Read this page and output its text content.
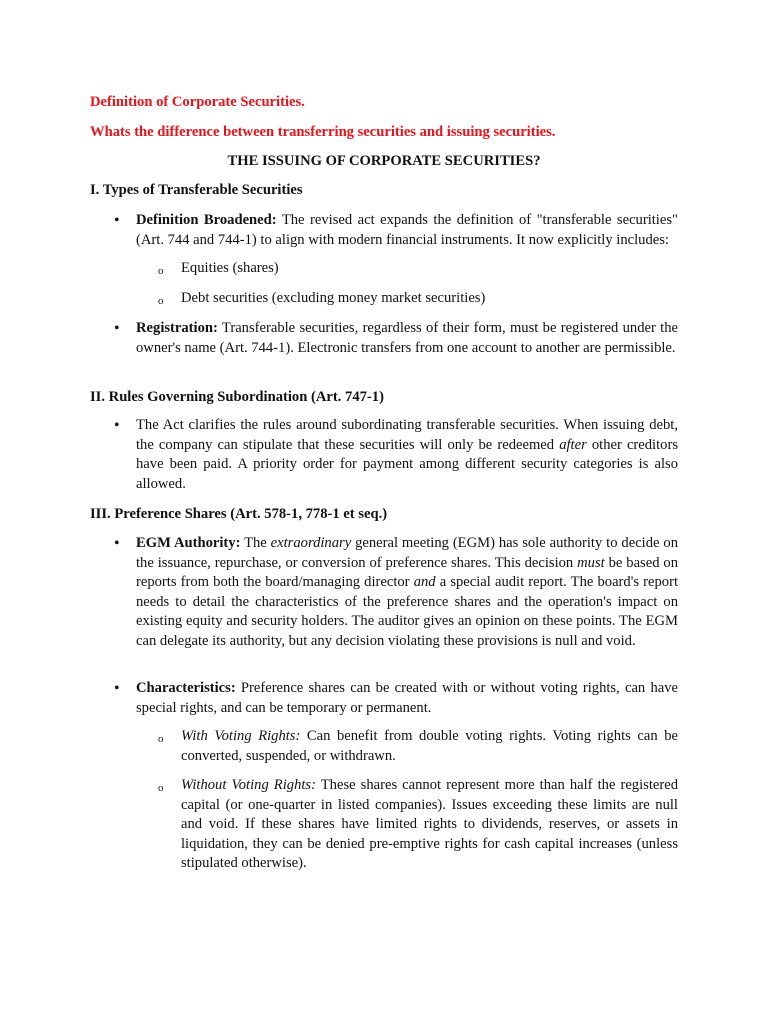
Definition of Corporate Securities.

Whats the difference between transferring securities and issuing securities.

THE ISSUING OF CORPORATE SECURITIES?

I. Types of Transferable Securities

• Definition Broadened: The revised act expands the definition of "transferable securities" (Art. 744 and 744-1) to align with modern financial instruments. It now explicitly includes:

o Equities (shares)

o Debt securities (excluding money market securities)

• Registration: Transferable securities, regardless of their form, must be registered under the owner's name (Art. 744-1). Electronic transfers from one account to another are permissible.

II. Rules Governing Subordination (Art. 747-1)

• The Act clarifies the rules around subordinating transferable securities. When issuing debt, the company can stipulate that these securities will only be redeemed after other creditors have been paid. A priority order for payment among different security categories is also allowed.

III. Preference Shares (Art. 578-1, 778-1 et seq.)

• EGM Authority: The extraordinary general meeting (EGM) has sole authority to decide on the issuance, repurchase, or conversion of preference shares. This decision must be based on reports from both the board/managing director and a special audit report. The board's report needs to detail the characteristics of the preference shares and the operation's impact on existing equity and security holders. The auditor gives an opinion on these points. The EGM can delegate its authority, but any decision violating these provisions is null and void.

• Characteristics: Preference shares can be created with or without voting rights, can have special rights, and can be temporary or permanent.

o With Voting Rights: Can benefit from double voting rights. Voting rights can be converted, suspended, or withdrawn.

o Without Voting Rights: These shares cannot represent more than half the registered capital (or one-quarter in listed companies). Issues exceeding these limits are null and void. If these shares have limited rights to dividends, reserves, or assets in liquidation, they can be denied pre-emptive rights for cash capital increases (unless stipulated otherwise).
